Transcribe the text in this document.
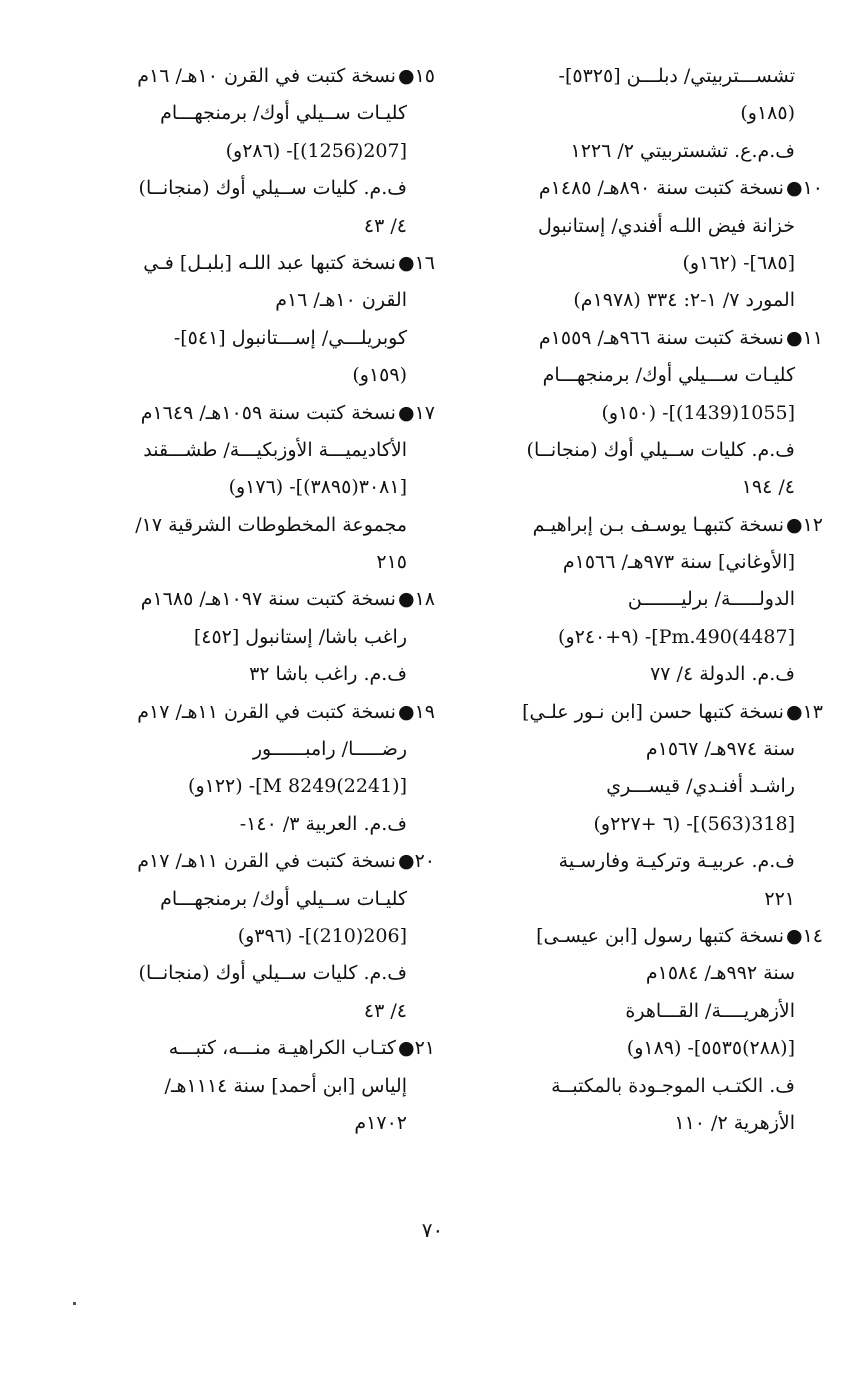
تشســـتربيتي/ دبلـــن [٥٣٢٥]-
(١٨٥و)
ف.م.ع. تشستربيتي ٢/ ١٢٢٦
١٠●نسخة كتبت سنة ٨٩٠هـ/ ١٤٨٥م
خزانة فيض اللـه أفندي/ إستانبول
[٦٨٥]- (١٦٢و)
المورد ٧/ ١-٢: ٣٣٤ (١٩٧٨م)
١١●نسخة كتبت سنة ٩٦٦هـ/ ١٥٥٩م
كليـات ســـيلي أوك/ برمنجهـــام
[1055(1439)]- (١٥٠و)
ف.م. كليات ســيلي أوك (منجانــا)
٤/ ١٩٤
١٢●نسخة كتبهـا يوسـف بـن إبراهيـم
[الأوغاني] سنة ٩٧٣هـ/ ١٥٦٦م
الدولـــــة/ برليـــــــن
[4487)Pm.490]- (٩+٢٤٠و)
ف.م. الدولة ٤/ ٧٧
١٣●نسخة كتبها حسن [ابن نـور علـي]
سنة ٩٧٤هـ/ ١٥٦٧م
راشـد أفنـدي/ قيســـري
[318(563)]- (٦ +٢٢٧و)
ف.م. عربيـة وتركيـة وفارسـية
٢٢١
١٤●نسخة كتبها رسول [ابن عيسـى]
سنة ٩٩٢هـ/ ١٥٨٤م
الأزهريــــة/ القـــاهرة
[(٢٨٨)٥٥٣٥]- (١٨٩و)
ف. الكتـب الموجـودة بالمكتبــة
الأزهرية ٢/ ١١٠
١٥●نسخة كتبت في القرن ١٠هـ/ ١٦م
كليـات ســيلي أوك/ برمنجهـــام
[207(1256)]- (٢٨٦و)
ف.م. كليات ســيلي أوك (منجانــا)
٤/ ٤٣
١٦●نسخة كتبها عبد اللـه [بلبـل] فـي
القرن ١٠هـ/ ١٦م
كوبريلـــي/ إســـتانبول [٥٤١]-
(١٥٩و)
١٧●نسخة كتبت سنة ١٠٥٩هـ/ ١٦٤٩م
الأكاديميـــة الأوزبكيـــة/ طشـــقند
[٣٠٨١(٣٨٩٥)]- (١٧٦و)
مجموعة المخطوطات الشرقية ١٧/
٢١٥
١٨●نسخة كتبت سنة ١٠٩٧هـ/ ١٦٨٥م
راغب باشا/ إستانبول [٤٥٢]
ف.م. راغب باشا ٣٢
١٩●نسخة كتبت في القرن ١١هـ/ ١٧م
رضـــــا/ رامبــــــور
[M 8249(2241)]- (١٢٢و)
ف.م. العربية ٣/ ١٤٠-
٢٠●نسخة كتبت في القرن ١١هـ/ ١٧م
كليـات ســيلي أوك/ برمنجهـــام
[206(210)]- (٣٩٦و)
ف.م. كليات ســيلي أوك (منجانــا)
٤/ ٤٣
٢١●كتـاب الكراهيـة منـــه، كتبـــه
إلياس [ابن أحمد] سنة ١١١٤هـ/
١٧٠٢م
٧٠
